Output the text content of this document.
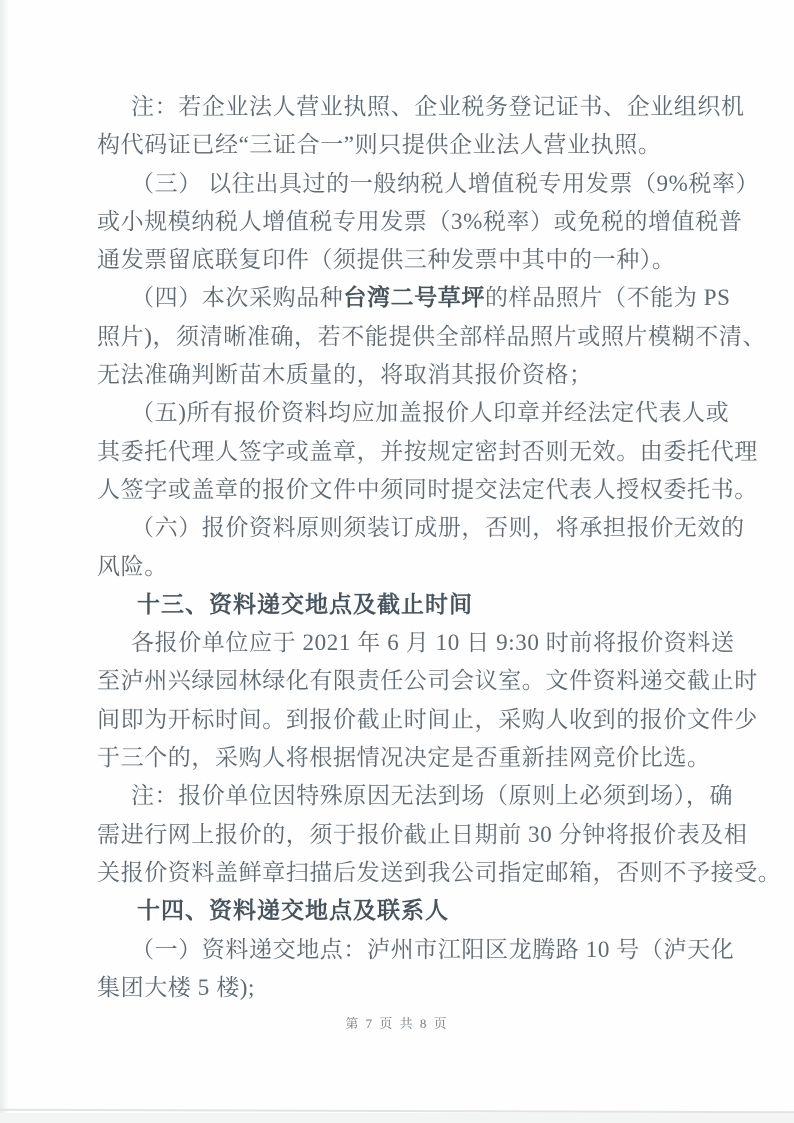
注：若企业法人营业执照、企业税务登记证书、企业组织机
构代码证已经“三证合一”则只提供企业法人营业执照。
（三） 以往出具过的一般纳税人增值税专用发票（9%税率）
或小规模纳税人增值税专用发票（3%税率）或免税的增值税普
通发票留底联复印件（须提供三种发票中其中的一种）。
（四）本次采购品种台湾二号草坪的样品照片（不能为 PS
照片)，须清晰准确，若不能提供全部样品照片或照片模糊不清、
无法准确判断苗木质量的，将取消其报价资格；
（五)所有报价资料均应加盖报价人印章并经法定代表人或
其委托代理人签字或盖章，并按规定密封否则无效。由委托代理
人签字或盖章的报价文件中须同时提交法定代表人授权委托书。
（六）报价资料原则须装订成册，否则，将承担报价无效的
风险。
十三、资料递交地点及截止时间
各报价单位应于 2021 年 6 月 10 日 9:30 时前将报价资料送
至泸州兴绿园林绿化有限责任公司会议室。文件资料递交截止时
间即为开标时间。到报价截止时间止，采购人收到的报价文件少
于三个的，采购人将根据情况决定是否重新挂网竞价比选。
注：报价单位因特殊原因无法到场（原则上必须到场），确
需进行网上报价的，须于报价截止日期前 30 分钟将报价表及相
关报价资料盖鲜章扫描后发送到我公司指定邮箱，否则不予接受。
十四、资料递交地点及联系人
（一）资料递交地点：泸州市江阳区龙腾路 10 号（泸天化
集团大楼 5 楼);
第 7 页 共 8 页
